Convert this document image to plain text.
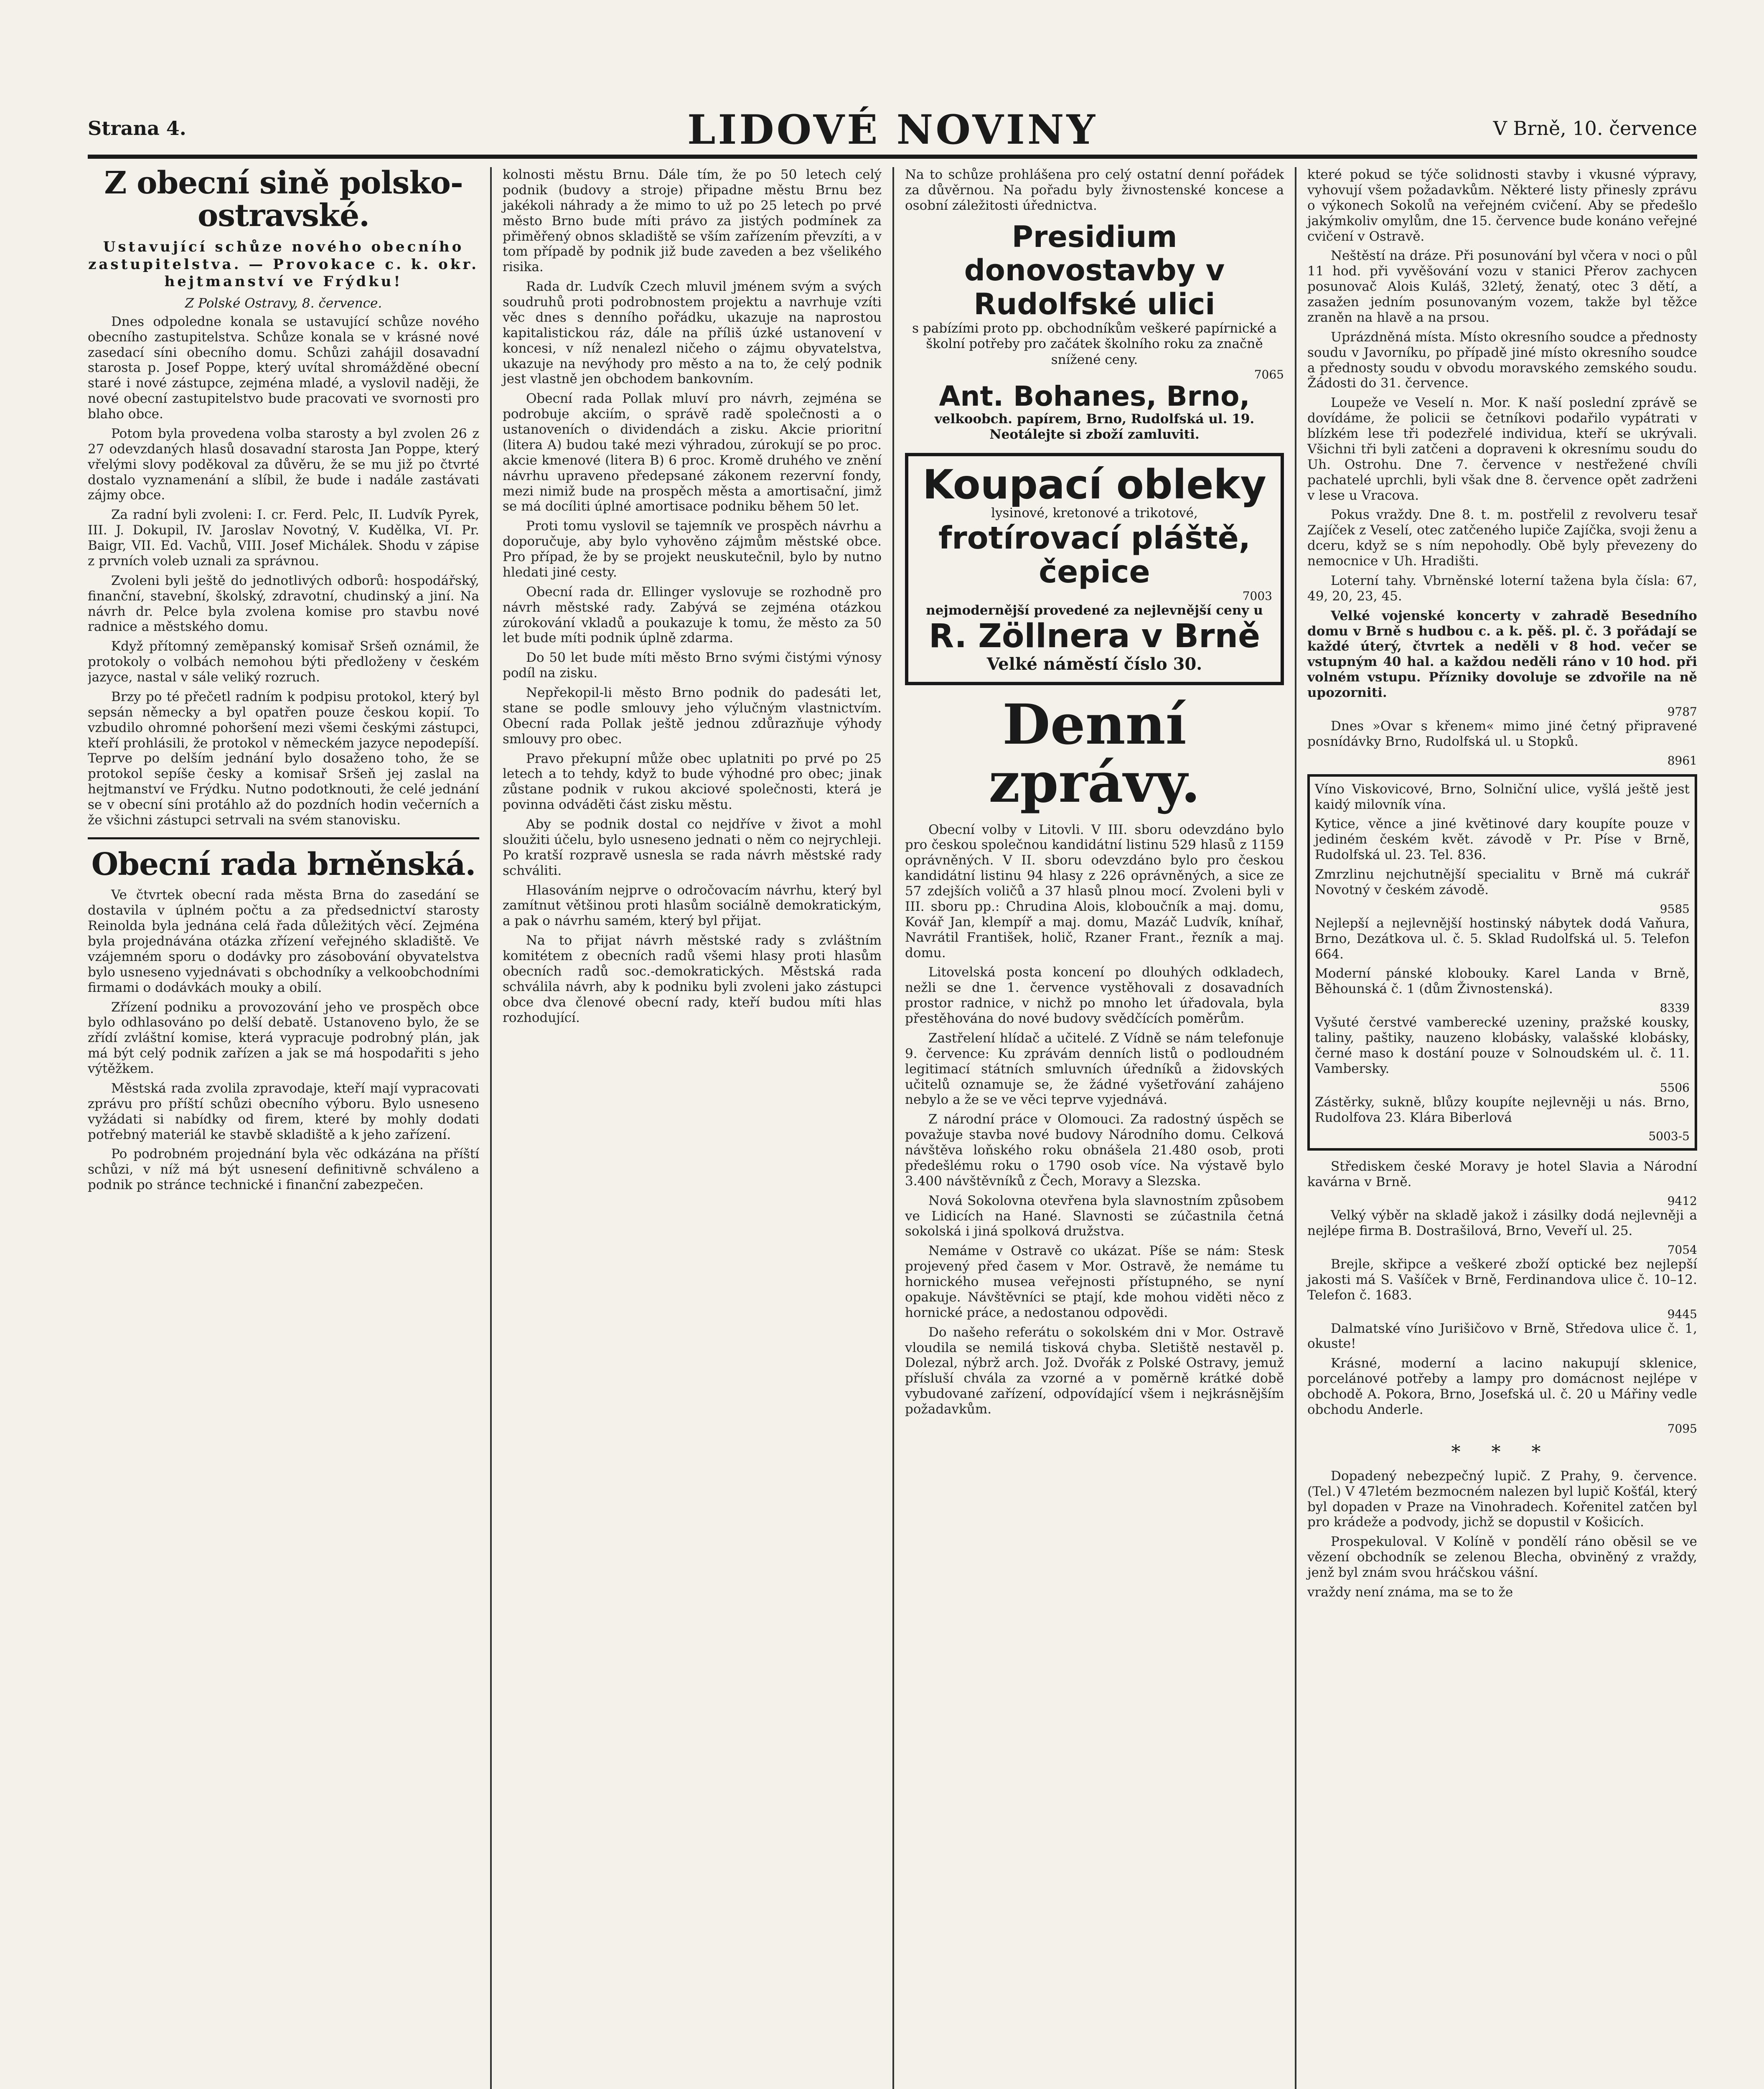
Strana 4.	LIDOVÉ NOVINY	V Brně, 10. července
Z obecní sině polsko-ostravské.
Ustavující schůze nového obecního zastupitelstva. — Provokace c. k. okr. hejtmanství ve Frýdku!
Z Polské Ostravy, 8. července.

Dnes odpoledne konala se ustavující schůze nového obecního zastupitelstva. Schůze konala se v krásné nové zasedací síni obecního domu. Schůzi zahájil dosavadní starosta p. Josef Poppe, který uvítal shromážděné obecní staré i nové zástupce, zejména mladé, a vyslovil naději, že nové obecní zastupitelstvo bude pracovati ve svornosti pro blaho obce.

Potom byla provedena volba starosty a byl zvolen 26 z 27 odevzdaných hlasů dosavadní starosta Jan Poppe, který vřelými slovy poděkoval za důvěru, že se mu již po čtvrté dostalo vyznamenání a slíbil, že bude i nadále zastávati zájmy obce.

Za radní byli zvoleni: I. cr. Ferd. Pelc, II. Ludvík Pyrek, III. J. Dokupil, IV. Jaroslav Novotný, V. Kudělka, VI. Pr. Baigr, VII. Ed. Vachů, VIII. Josef Michálek. Shodu v zápise z prvních voleb uznali za správnou.

Zvoleni byli ještě do jednotlivých odborů: hospodářský, finanční, stavební, školský, zdravotní, chudinský a jiní. Na návrh dr. Pelce byla zvolena komise pro stavbu nové radnice a městského domu.

Když přítomný zeměpanský komisař Sršeň oznámil, že protokoly o volbách nemohou býti předloženy v českém jazyce, nastal v sále veliký rozruch.

Brzy po té přečetl radním k podpisu protokol, který byl sepsán německy a byl opatřen pouze českou kopií. To vzbudilo ohromné pohoršení mezi všemi českými zástupci, kteří prohlásili, že protokol v německém jazyce nepodepíší. Teprve po delším jednání bylo dosaženo toho, že se protokol sepíše česky a komisař Sršeň jej zaslal na hejtmanství ve Frýdku. Nutno podotknouti, že celé jednání se v obecní síni protáhlo až do pozdních hodin večerních a že všichni zástupci setrvali na svém stanovisku.

Obecní rada brněnská.

Ve čtvrtek obecní rada města Brna do zasedání se dostavila v úplném počtu a za předsednictví starosty Reinolda byla jednána celá řada důležitých věcí. Zejména byla projednávána otázka zřízení veřejného skladiště. Ve vzájemném sporu o dodávky pro zásobování obyvatelstva bylo usneseno vyjednávati s obchodníky a velkoobchodními firmami o dodávkách mouky a obilí.

Zřízení podniku a provozování jeho ve prospěch obce bylo odhlasováno po delší debatě. Ustanoveno bylo, že se zřídí zvláštní komise, která vypracuje podrobný plán, jak má být celý podnik zařízen a jak se má hospodařiti s jeho výtěžkem.

Městská rada zvolila zpravodaje, kteří mají vypracovati zprávu pro příští schůzi obecního výboru. Bylo usneseno vyžádati si nabídky od firem, které by mohly dodati potřebný materiál ke stavbě skladiště a k jeho zařízení.

Po podrobném projednání byla věc odkázána na příští schůzi, v níž má být usnesení definitivně schváleno a podnik po stránce technické i finanční zabezpečen.

kolnosti městu Brnu. Dále tím, že po 50 letech celý podnik (budovy a stroje) připadne městu Brnu bez jakékoli náhrady a že mimo to už po 25 letech po prvé město Brno bude míti právo za jistých podmínek za přiměřený obnos skladiště se vším zařízením převzíti, a v tom případě by podnik již bude zaveden a bez všelikého risika.

Rada dr. Ludvík Czech mluvil jménem svým a svých soudruhů proti podrobnostem projektu a navrhuje vzíti věc dnes s denního pořádku, ukazuje na naprostou kapitalistickou ráz, dále na příliš úzké ustanovení v koncesi, v níž nenalezl ničeho o zájmu obyvatelstva, ukazuje na nevýhody pro město a na to, že celý podnik jest vlastně jen obchodem bankovním.

Obecní rada Pollak mluví pro návrh, zejména se podrobuje akciím, o správě radě společnosti a o ustanoveních o dividendách a zisku. Akcie prioritní (litera A) budou také mezi výhradou, zúrokují se po proc. akcie kmenové (litera B) 6 proc. Kromě druhého ve znění návrhu upraveno předepsané zákonem rezervní fondy, mezi nimiž bude na prospěch města a amortisační, jimž se má docíliti úplné amortisace podniku během 50 let.

Proti tomu vyslovil se tajemník ve prospěch návrhu a doporučuje, aby bylo vyhověno zájmům městské obce. Pro případ, že by se projekt neuskutečnil, bylo by nutno hledati jiné cesty.

Obecní rada dr. Ellinger vyslovuje se rozhodně pro návrh městské rady. Zabývá se zejména otázkou zúrokování vkladů a poukazuje k tomu, že město za 50 let bude míti podnik úplně zdarma.

Do 50 let bude míti město Brno svými čistými výnosy podíl na zisku.

Nepřekopil-li město Brno podnik do padesáti let, stane se podle smlouvy jeho výlučným vlastnictvím. Obecní rada Pollak ještě jednou zdůrazňuje výhody smlouvy pro obec.

Pravo překupní může obec uplatniti po prvé po 25 letech a to tehdy, když to bude výhodné pro obec; jinak zůstane podnik v rukou akciové společnosti, která je povinna odváděti část zisku městu.

Aby se podnik dostal co nejdříve v život a mohl sloužiti účelu, bylo usneseno jednati o něm co nejrychleji. Po kratší rozpravě usnesla se rada návrh městské rady schváliti.

Hlasováním nejprve o odročovacím návrhu, který byl zamítnut většinou proti hlasům sociálně demokratickým, a pak o návrhu samém, který byl přijat.

Na to přijat návrh městské rady s zvláštním komitétem z obecních radů všemi hlasy proti hlasům obecních radů soc.-demokratických. Městská rada schválila návrh, aby k podniku byli zvoleni jako zástupci obce dva členové obecní rady, kteří budou míti hlas rozhodující.

Na to schůze prohlášena pro celý ostatní denní pořádek za důvěrnou. Na pořadu byly živnostenské koncese a osobní záležitosti úřednictva.

Presidium donovostavby v Rudolfské ulici
s pabízími proto pp. obchodníkům veškeré papírnické a školní potřeby pro začátek školního roku za značně snížené ceny.
7065
Ant. Bohanes, Brno,
velkoobch. papírem, Brno, Rudolfská ul. 19. Neotálejte si zboží zamluviti.
Koupací obleky
lysinové, kretonové a trikotové,
frotírovací pláště,
čepice
7003
nejmodernější provedené za nejlevnější ceny u
R. Zöllnera v Brně
Velké náměstí číslo 30.
Denní zprávy.

Obecní volby v Litovli. V III. sboru odevzdáno bylo pro českou společnou kandidátní listinu 529 hlasů z 1159 oprávněných. V II. sboru odevzdáno bylo pro českou kandidátní listinu 94 hlasy z 226 oprávněných, a sice ze 57 zdejších voličů a 37 hlasů plnou mocí. Zvoleni byli v III. sboru pp.: Chrudina Alois, kloboučník a maj. domu, Kovář Jan, klempíř a maj. domu, Mazáč Ludvík, kníhař, Navrátil František, holič, Rzaner Frant., řezník a maj. domu.

Litovelská posta koncení po dlouhých odkladech, nežli se dne 1. července vystěhovali z dosavadních prostor radnice, v nichž po mnoho let úřadovala, byla přestěhována do nové budovy svědčících poměrům.

Zastřelení hlídač a učitelé. Z Vídně se nám telefonuje 9. července: Ku zprávám denních listů o podloudném legitimací státních smluvních úředníků a židovských učitelů oznamuje se, že žádné vyšetřování zahájeno nebylo a že se ve věci teprve vyjednává.

Z národní práce v Olomouci. Za radostný úspěch se považuje stavba nové budovy Národního domu. Celková návštěva loňského roku obnášela 21.480 osob, proti předešlému roku o 1790 osob více. Na výstavě bylo 3.400 návštěvníků z Čech, Moravy a Slezska.

Nová Sokolovna otevřena byla slavnostním způsobem ve Lidicích na Hané. Slavnosti se zúčastnila četná sokolská i jiná spolková družstva.

Nemáme v Ostravě co ukázat. Píše se nám: Stesk projevený před časem v Mor. Ostravě, že nemáme tu hornického musea veřejnosti přístupného, se nyní opakuje. Návštěvníci se ptají, kde mohou viděti něco z hornické práce, a nedostanou odpovědi.

Do našeho referátu o sokolském dni v Mor. Ostravě vloudila se nemilá tisková chyba. Sletiště nestavěl p. Dolezal, nýbrž arch. Jož. Dvořák z Polské Ostravy, jemuž přísluší chvála za vzorné a v poměrně krátké době vybudované zařízení, odpovídající všem i nejkrásnějším požadavkům.

které pokud se týče solidnosti stavby i vkusné výpravy, vyhovují všem požadavkům. Některé listy přinesly zprávu o výkonech Sokolů na veřejném cvičení. Aby se předešlo jakýmkoliv omylům, dne 15. července bude konáno veřejné cvičení v Ostravě.

Neštěstí na dráze. Při posunování byl včera v noci o půl 11 hod. při vyvěšování vozu v stanici Přerov zachycen posunovač Alois Kuláš, 32letý, ženatý, otec 3 dětí, a zasažen jedním posunovaným vozem, takže byl těžce zraněn na hlavě a na prsou.

Uprázdněná místa. Místo okresního soudce a přednosty soudu v Javorníku, po případě jiné místo okresního soudce a přednosty soudu v obvodu moravského zemského soudu. Žádosti do 31. července.

Loupeže ve Veselí n. Mor. K naší poslední zprávě se dovídáme, že policii se četníkovi podařilo vypátrati v blízkém lese tři podezřelé individua, kteří se ukrývali. Všichni tři byli zatčeni a dopraveni k okresnímu soudu do Uh. Ostrohu. Dne 7. července v nestřežené chvíli pachatelé uprchli, byli však dne 8. července opět zadrženi v lese u Vracova.

Pokus vraždy. Dne 8. t. m. postřelil z revolveru tesař Zajíček z Veselí, otec zatčeného lupiče Zajíčka, svoji ženu a dceru, když se s ním nepohodly. Obě byly převezeny do nemocnice v Uh. Hradišti.

Loterní tahy. Vbrněnské loterní tažena byla čísla: 67, 49, 20, 23, 45.

Velké vojenské koncerty v zahradě Besedního domu v Brně s hudbou c. a k. pěš. pl. č. 3 pořádají se každé úterý, čtvrtek a neděli v 8 hod. večer se vstupným 40 hal. a každou neděli ráno v 10 hod. při volném vstupu. Přízniky dovoluje se zdvořile na ně upozorniti.

9787

Dnes »Ovar s křenem« mimo jiné četný připravené posnídávky Brno, Rudolfská ul. u Stopků.

8961

Víno Viskovicové, Brno, Solniční ulice, vyšlá ještě jest kaidý milovník vína.

Kytice, věnce a jiné květinové dary koupíte pouze v jediném českém květ. závodě v Pr. Píse v Brně, Rudolfská ul. 23. Tel. 836.

Zmrzlinu nejchutnější specialitu v Brně má cukrář Novotný v českém závodě.

9585

Nejlepší a nejlevnější hostinský nábytek dodá Vaňura, Brno, Dezátkova ul. č. 5. Sklad Rudolfská ul. 5. Telefon 664.

Moderní pánské klobouky. Karel Landa v Brně, Běhounská č. 1 (dům Živnostenská).

8339

Vyšuté čerstvé vamberecké uzeniny, pražské kousky, taliny, paštiky, nauzeno klobásky, valašské klobásky, černé maso k dostání pouze v Solnoudském ul. č. 11. Vambersky.

5506

Zástěrky, sukně, blůzy koupíte nejlevněji u nás. Brno, Rudolfova 23. Klára Biberlová

5003-5

Střediskem české Moravy je hotel Slavia a Národní kavárna v Brně.

9412

Velký výběr na skladě jakož i zásilky dodá nejlevněji a nejlépe firma B. Dostrašilová, Brno, Veveří ul. 25.

7054

Brejle, skřipce a veškeré zboží optické bez nejlepší jakosti má S. Vašíček v Brně, Ferdinandova ulice č. 10–12. Telefon č. 1683.

9445

Dalmatské víno Jurišičovo v Brně, Středova ulice č. 1, okuste!

Krásné, moderní a lacino nakupují sklenice, porcelánové potřeby a lampy pro domácnost nejlépe v obchodě A. Pokora, Brno, Josefská ul. č. 20 u Mářiny vedle obchodu Anderle.

7095
* * *

Dopadený nebezpečný lupič. Z Prahy, 9. července. (Tel.) V 47letém bezmocném nalezen byl lupič Košťál, který byl dopaden v Praze na Vinohradech. Kořenitel zatčen byl pro krádeže a podvody, jichž se dopustil v Košicích.

Prospekuloval. V Kolíně v pondělí ráno oběsil se ve vězení obchodník se zelenou Blecha, obviněný z vraždy, jenž byl znám svou hráčskou vášní.

vraždy není známa, ma se to že
